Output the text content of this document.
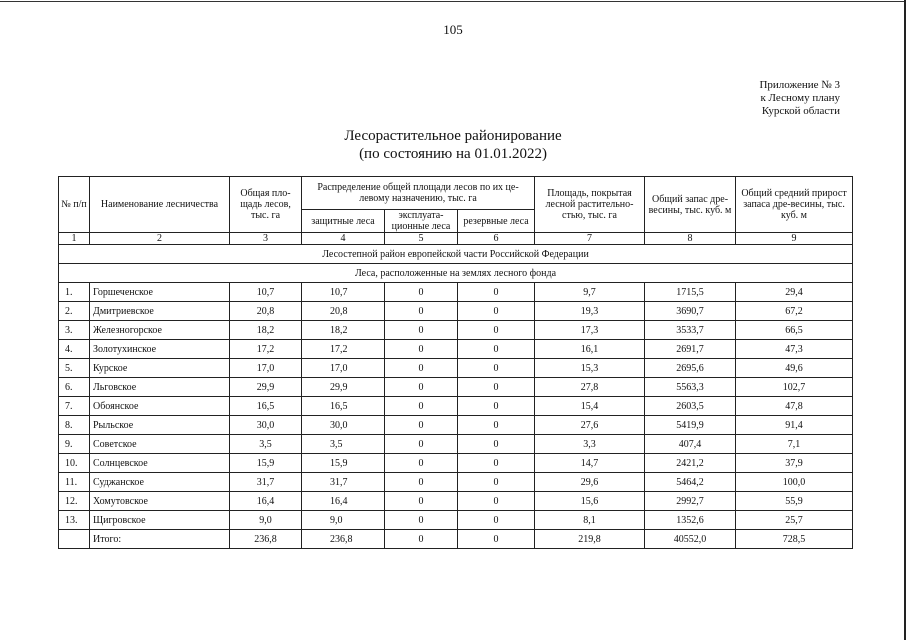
105
Приложение № 3
к Лесному плану
Курской области
Лесорастительное районирование
(по состоянию на 01.01.2022)
№ п/п	Наименование лесничества	Общая пло-щадь лесов, тыс. га	Распределение общей площади лесов по их це-левому назначению, тыс. га			Площадь, покрытая лесной растительно-стью, тыс. га	Общий запас дре-весины, тыс. куб. м	Общий средний прирост запаса дре-весины, тыс. куб. м
			защитные леса	эксплуата-ционные леса	резервные леса			
1	2	3	4	5	6	7	8	9
Лесостепной район европейской части Российской Федерации								
Леса, расположенные на землях лесного фонда								
1.	Горшеченское	10,7	10,7	0	0	9,7	1715,5	29,4
2.	Дмитриевское	20,8	20,8	0	0	19,3	3690,7	67,2
3.	Железногорское	18,2	18,2	0	0	17,3	3533,7	66,5
4.	Золотухинское	17,2	17,2	0	0	16,1	2691,7	47,3
5.	Курское	17,0	17,0	0	0	15,3	2695,6	49,6
6.	Льговское	29,9	29,9	0	0	27,8	5563,3	102,7
7.	Обоянское	16,5	16,5	0	0	15,4	2603,5	47,8
8.	Рыльское	30,0	30,0	0	0	27,6	5419,9	91,4
9.	Советское	3,5	3,5	0	0	3,3	407,4	7,1
10.	Солнцевское	15,9	15,9	0	0	14,7	2421,2	37,9
11.	Суджанское	31,7	31,7	0	0	29,6	5464,2	100,0
12.	Хомутовское	16,4	16,4	0	0	15,6	2992,7	55,9
13.	Щигровское	9,0	9,0	0	0	8,1	1352,6	25,7
	Итого:	236,8	236,8	0	0	219,8	40552,0	728,5
